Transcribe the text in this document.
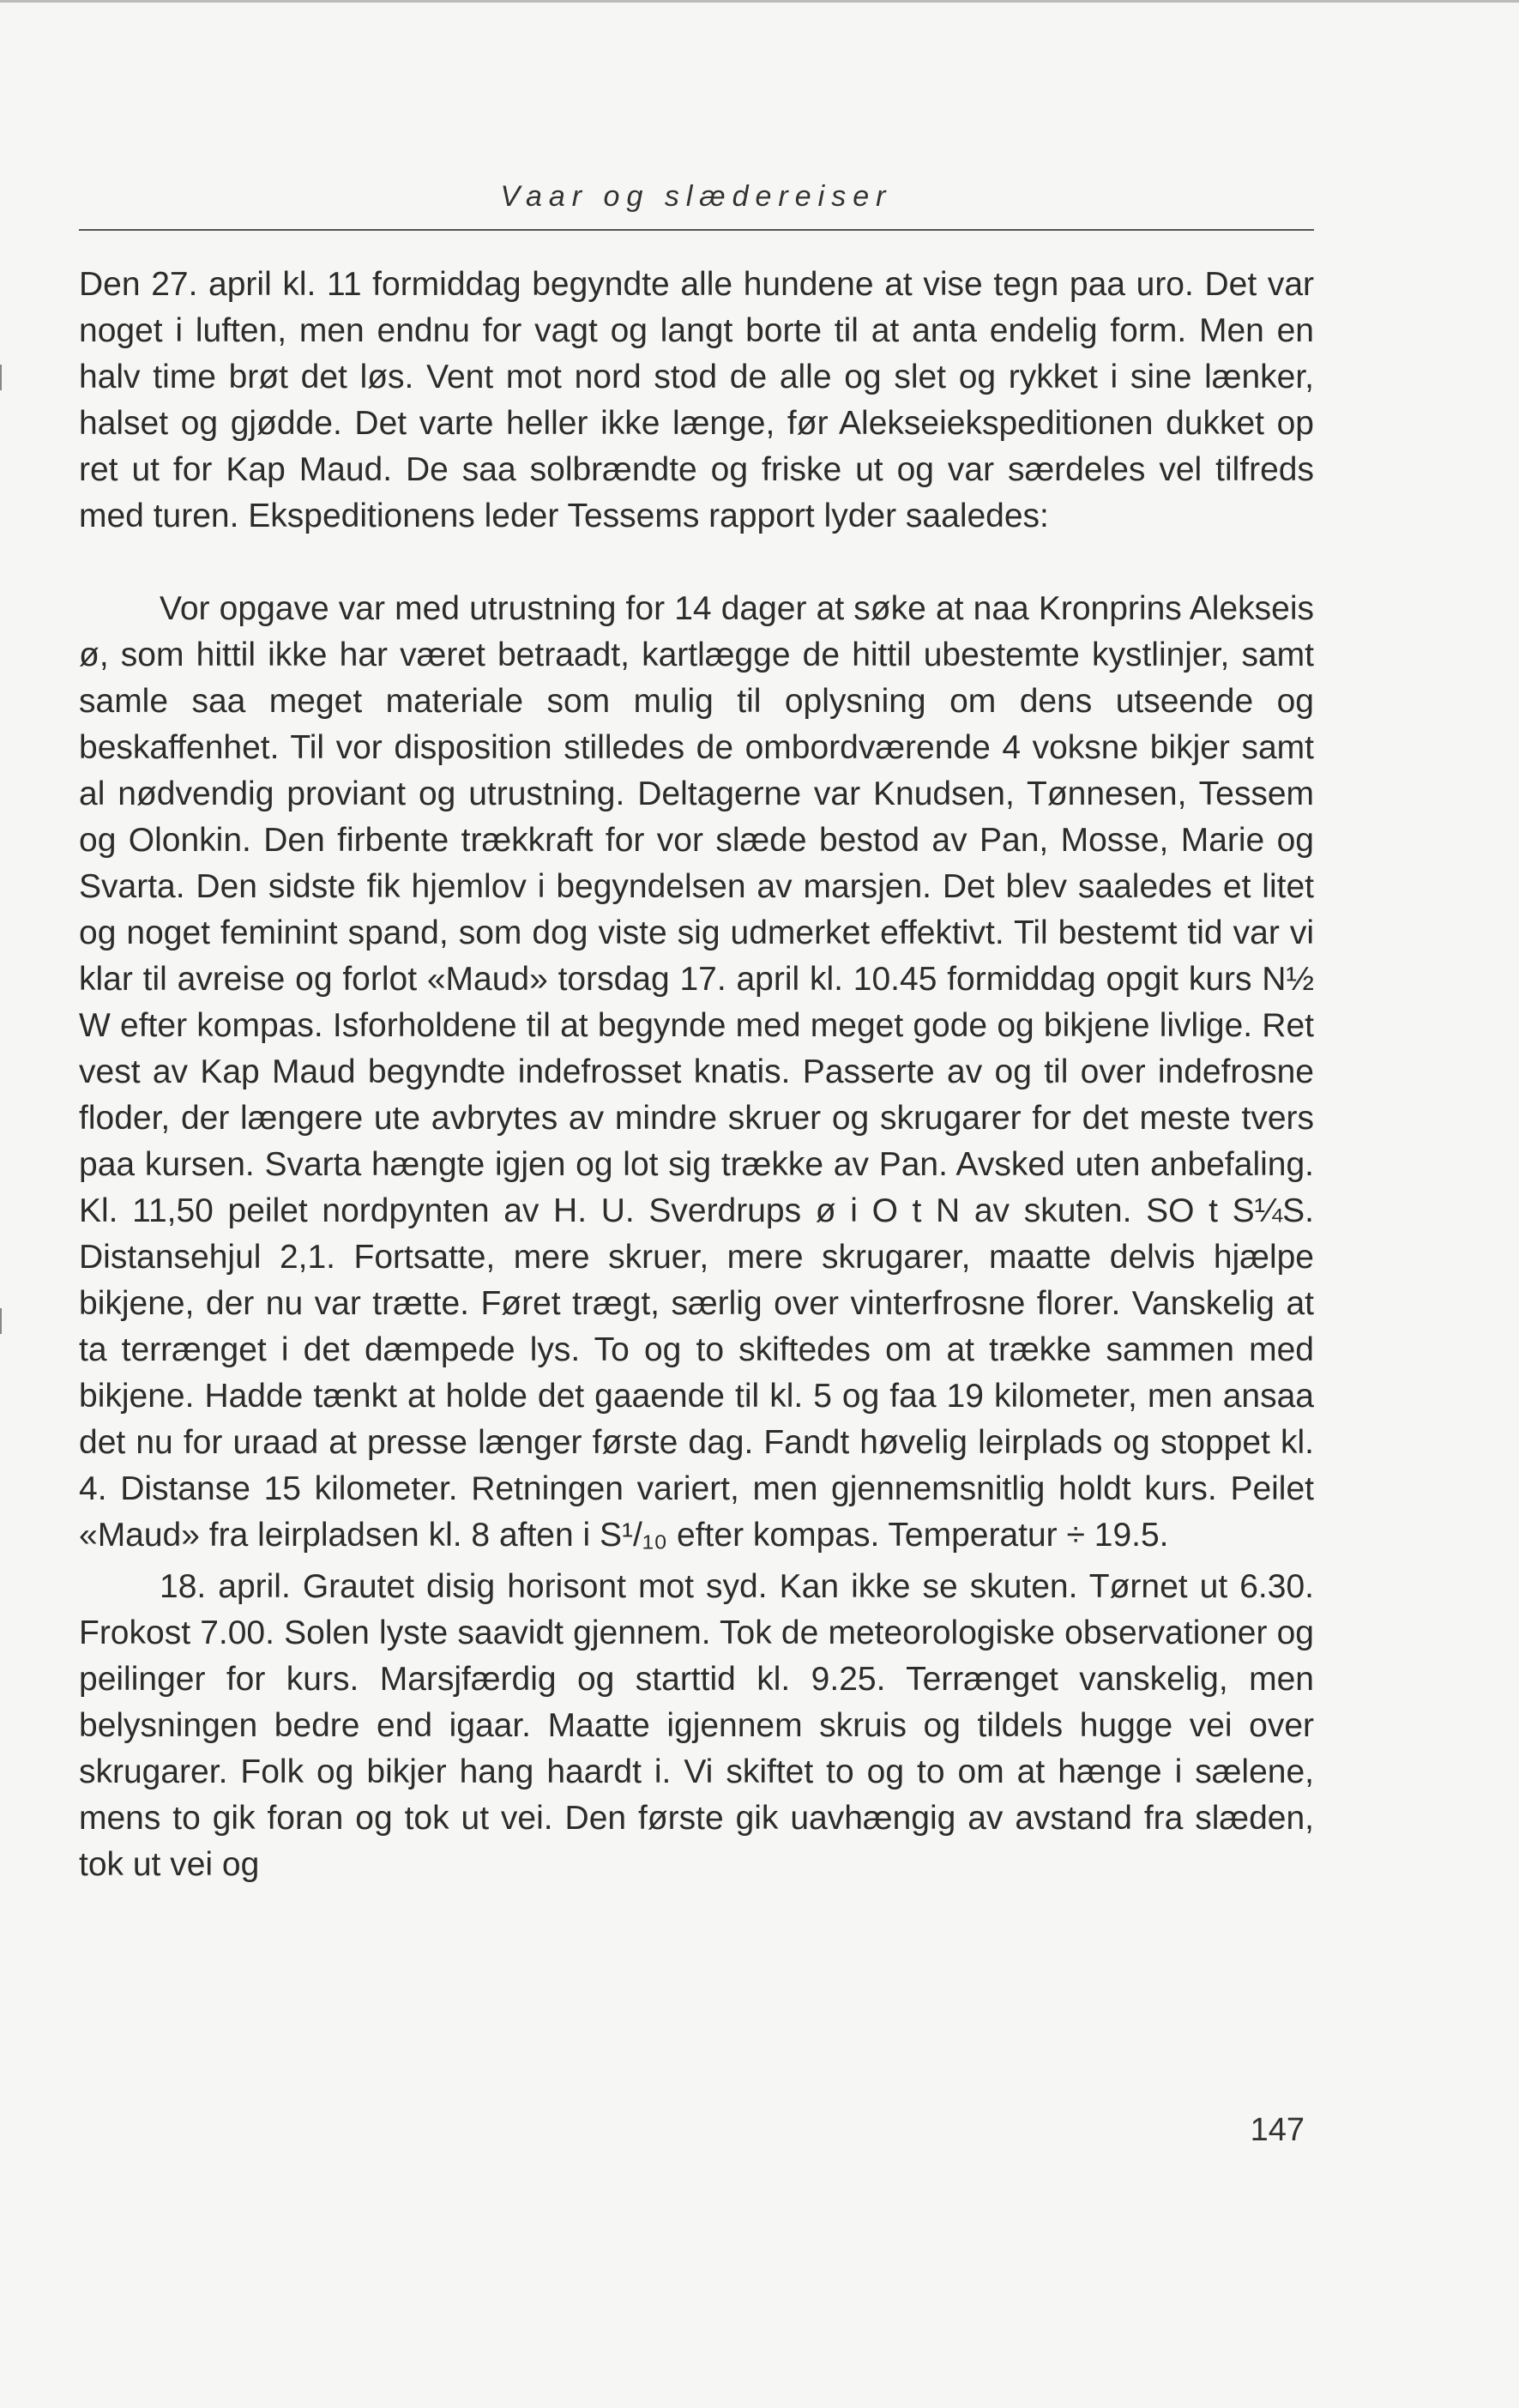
Vaar og slædereiser

Den 27. april kl. 11 formiddag begyndte alle hundene at vise tegn paa uro. Det var noget i luften, men endnu for vagt og langt borte til at anta endelig form. Men en halv time brøt det løs. Vent mot nord stod de alle og slet og rykket i sine lænker, halset og gjødde. Det varte heller ikke længe, før Alekseiekspeditionen dukket op ret ut for Kap Maud. De saa solbrændte og friske ut og var særdeles vel tilfreds med turen. Ekspeditionens leder Tessems rapport lyder saaledes:

Vor opgave var med utrustning for 14 dager at søke at naa Kronprins Alekseis ø, som hittil ikke har været betraadt, kartlægge de hittil ubestemte kystlinjer, samt samle saa meget materiale som mulig til oplysning om dens utseende og beskaffenhet. Til vor disposition stilledes de ombordværende 4 voksne bikjer samt al nødvendig proviant og utrustning. Deltagerne var Knudsen, Tønnesen, Tessem og Olonkin. Den firbente trækkraft for vor slæde bestod av Pan, Mosse, Marie og Svarta. Den sidste fik hjemlov i begyndelsen av marsjen. Det blev saaledes et litet og noget feminint spand, som dog viste sig udmerket effektivt. Til bestemt tid var vi klar til avreise og forlot «Maud» torsdag 17. april kl. 10.45 formiddag opgit kurs N½ W efter kompas. Isforholdene til at begynde med meget gode og bikjene livlige. Ret vest av Kap Maud begyndte indefrosset knatis. Passerte av og til over indefrosne floder, der længere ute avbrytes av mindre skruer og skrugarer for det meste tvers paa kursen. Svarta hængte igjen og lot sig trække av Pan. Avsked uten anbefaling. Kl. 11,50 peilet nordpynten av H. U. Sverdrups ø i O t N av skuten. SO t S¼S. Distansehjul 2,1. Fortsatte, mere skruer, mere skrugarer, maatte delvis hjælpe bikjene, der nu var trætte. Føret trægt, særlig over vinterfrosne florer. Vanskelig at ta terrænget i det dæmpede lys. To og to skiftedes om at trække sammen med bikjene. Hadde tænkt at holde det gaaende til kl. 5 og faa 19 kilometer, men ansaa det nu for uraad at presse længer første dag. Fandt høvelig leirplads og stoppet kl. 4. Distanse 15 kilometer. Retningen variert, men gjennemsnitlig holdt kurs. Peilet «Maud» fra leirpladsen kl. 8 aften i S¹/₁₀ efter kompas. Temperatur ÷ 19.5.

18. april. Grautet disig horisont mot syd. Kan ikke se skuten. Tørnet ut 6.30. Frokost 7.00. Solen lyste saavidt gjennem. Tok de meteorologiske observationer og peilinger for kurs. Marsjfærdig og starttid kl. 9.25. Terrænget vanskelig, men belysningen bedre end igaar. Maatte igjennem skruis og tildels hugge vei over skrugarer. Folk og bikjer hang haardt i. Vi skiftet to og to om at hænge i sælene, mens to gik foran og tok ut vei. Den første gik uavhængig av avstand fra slæden, tok ut vei og

147
